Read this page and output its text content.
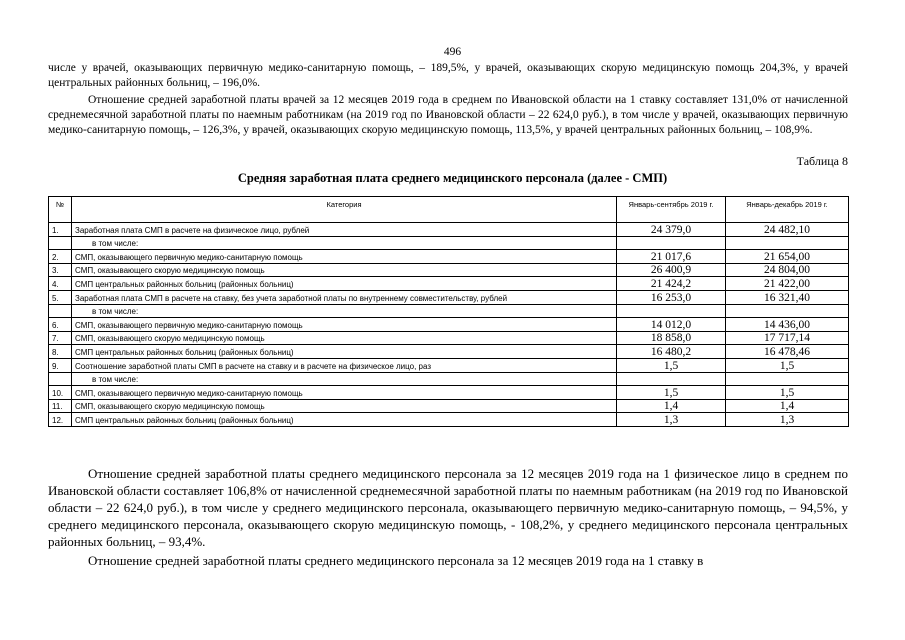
496

числе у врачей, оказывающих первичную медико-санитарную помощь, – 189,5%, у врачей, оказывающих скорую медицинскую помощь 204,3%, у врачей центральных районных больниц, – 196,0%.

Отношение средней заработной платы врачей за 12 месяцев 2019 года в среднем по Ивановской области на 1 ставку составляет 131,0% от начисленной среднемесячной заработной платы по наемным работникам (на 2019 год по Ивановской области – 22 624,0 руб.), в том числе у врачей, оказывающих первичную медико-санитарную помощь, – 126,3%, у врачей, оказывающих скорую медицинскую помощь, 113,5%, у врачей центральных районных больниц, – 108,9%.

Таблица 8
Средняя заработная плата среднего медицинского персонала (далее - СМП)
№	Категория	Январь-сентябрь 2019 г.	Январь-декабрь 2019 г.
1.	Заработная плата СМП в расчете на физическое лицо, рублей	24 379,0	24 482,10
	в том числе:		
2.	СМП, оказывающего первичную медико-санитарную помощь	21 017,6	21 654,00
3.	СМП, оказывающего скорую медицинскую помощь	26 400,9	24 804,00
4.	СМП центральных районных больниц (районных больниц)	21 424,2	21 422,00
5.	Заработная плата СМП в расчете на ставку, без учета заработной платы по внутреннему совместительству, рублей	16 253,0	16 321,40
	в том числе:		
6.	СМП, оказывающего первичную медико-санитарную помощь	14 012,0	14 436,00
7.	СМП, оказывающего скорую медицинскую помощь	18 858,0	17 717,14
8.	СМП центральных районных больниц (районных больниц)	16 480,2	16 478,46
9.	Соотношение заработной платы СМП в расчете на ставку и в расчете на физическое лицо, раз	1,5	1,5
	в том числе:		
10.	СМП, оказывающего первичную медико-санитарную помощь	1,5	1,5
11.	СМП, оказывающего скорую медицинскую помощь	1,4	1,4
12.	СМП центральных районных больниц (районных больниц)	1,3	1,3

Отношение средней заработной платы среднего медицинского персонала за 12 месяцев 2019 года на 1 физическое лицо в среднем по Ивановской области составляет 106,8% от начисленной среднемесячной заработной платы по наемным работникам (на 2019 год по Ивановской области – 22 624,0 руб.), в том числе у среднего медицинского персонала, оказывающего первичную медико-санитарную помощь, – 94,5%, у среднего медицинского персонала, оказывающего скорую медицинскую помощь, - 108,2%, у среднего медицинского персонала центральных районных больниц, – 93,4%.

Отношение средней заработной платы среднего медицинского персонала за 12 месяцев 2019 года на 1 ставку в
